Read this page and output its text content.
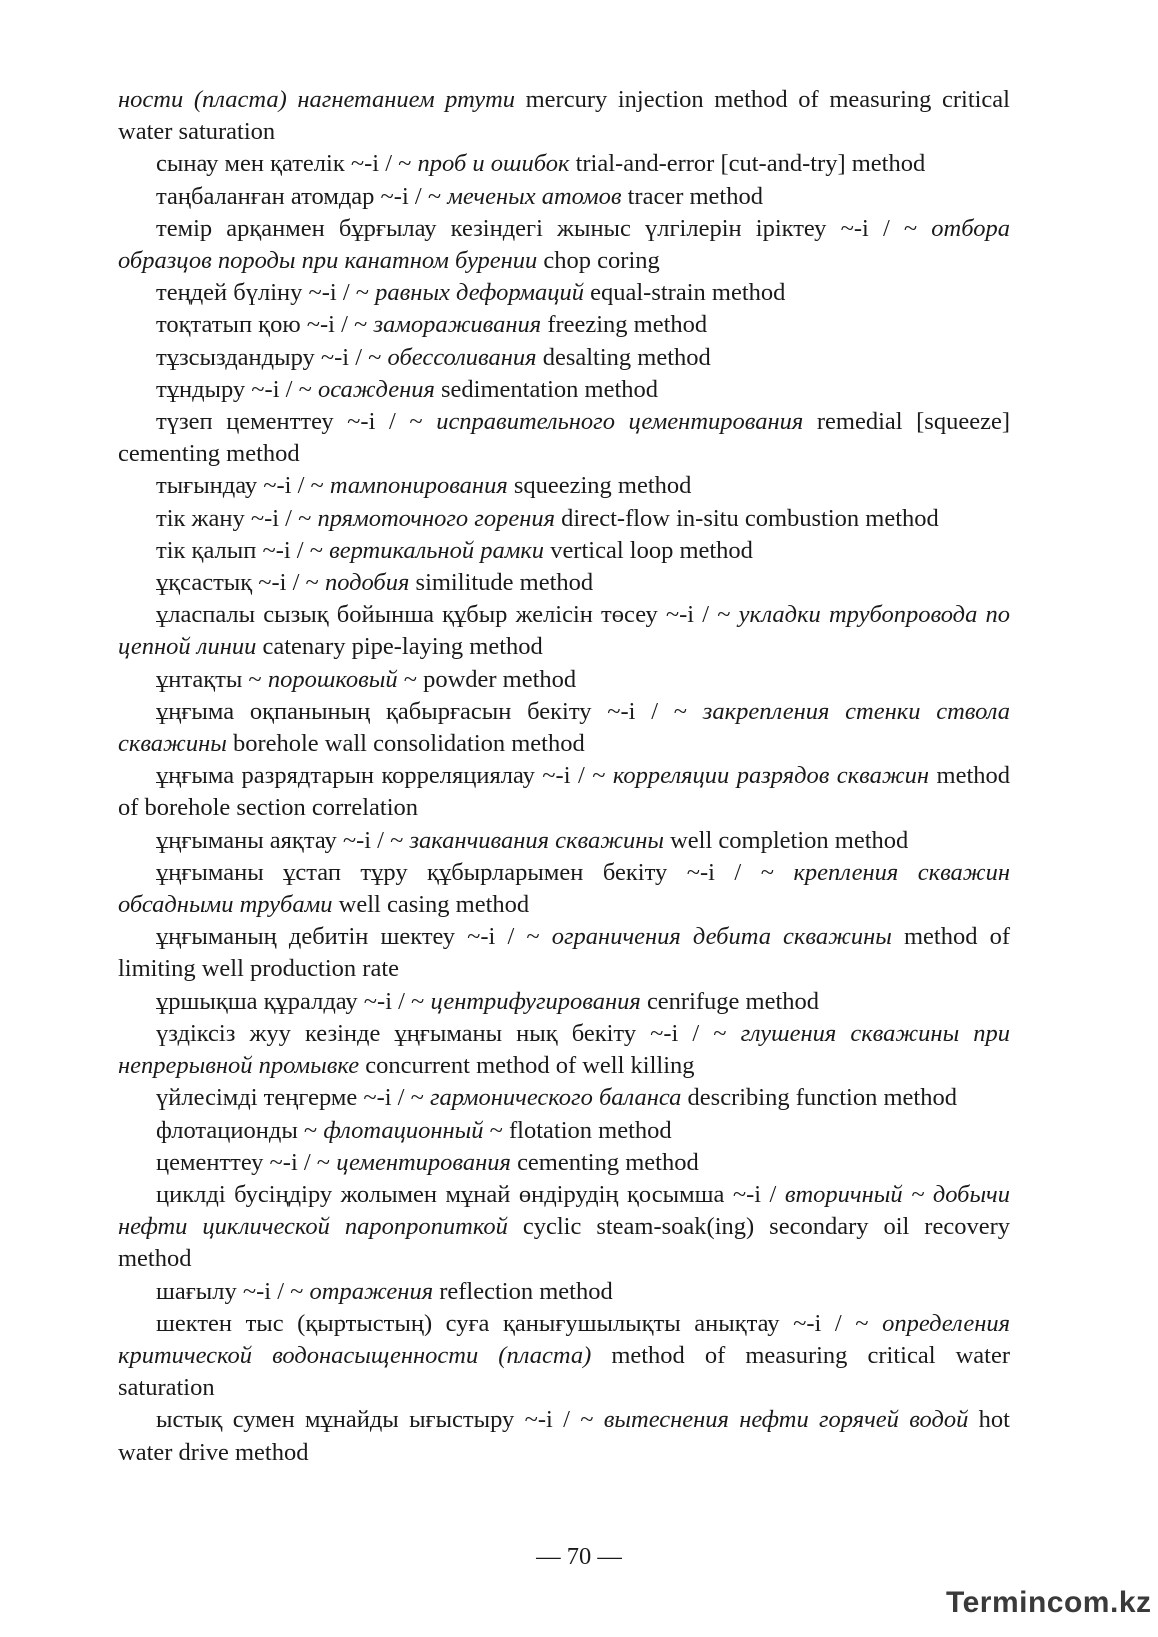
ности (пласта) нагнетанием ртути mercury injection method of measuring critical water saturation

сынау мен қателік ~-і / ~ проб и ошибок trial-and-error [cut-and-try] method

таңбаланған атомдар ~-і / ~ меченых атомов tracer method

темір арқанмен бұрғылау кезіндегі жыныс үлгілерін іріктеу ~-і / ~ отбора образцов породы при канатном бурении chop coring

теңдей бүліну ~-і / ~ равных деформаций equal-strain method

тоқтатып қою ~-і / ~ замораживания freezing method

тұзсыздандыру ~-і / ~ обессоливания desalting method

тұндыру ~-і / ~ осаждения sedimentation method

түзеп цементтеу ~-і / ~ исправительного цементирования remedial [squeeze] cementing method

тығындау ~-і / ~ тампонирования squeezing method

тік жану ~-і / ~ прямоточного горения direct-flow in-situ combustion method

тік қалып ~-і / ~ вертикальной рамки vertical loop method

ұқсастық ~-і / ~ подобия similitude method

ұласпалы сызық бойынша құбыр желісін төсеу ~-і / ~ укладки трубопровода по цепной линии catenary pipe-laying method

ұнтақты ~ порошковый ~ powder method

ұңғыма оқпанының қабырғасын бекіту ~-і / ~ закрепления стенки ствола скважины borehole wall consolidation method

ұңғыма разрядтарын корреляциялау ~-і / ~ корреляции разрядов скважин method of borehole section correlation

ұңғыманы аяқтау ~-і / ~ заканчивания скважины well completion method

ұңғыманы ұстап тұру құбырларымен бекіту ~-і / ~ крепления скважин обсадными трубами well casing method

ұңғыманың дебитін шектеу ~-і / ~ ограничения дебита скважины method of limiting well production rate

ұршықша құралдау ~-і / ~ центрифугирования cenrifuge method

үздіксіз жуу кезінде ұңғыманы нық бекіту ~-і / ~ глушения скважины при непрерывной промывке concurrent method of well killing

үйлесімді теңгерме ~-і / ~ гармонического баланса describing function method

флотационды ~ флотационный ~ flotation method

цементтеу ~-і / ~ цементирования cementing method

циклді бусіңдіру жолымен мұнай өндірудің қосымша ~-і / вторичный ~ добычи нефти циклической паропропиткой cyclic steam-soak(ing) secondary oil recovery method

шағылу ~-і / ~ отражения reflection method

шектен тыс (қыртыстың) суға қанығушылықты анықтау ~-і / ~ определения критической водонасыщенности (пласта) method of measuring critical water saturation

ыстық сумен мұнайды ығыстыру ~-і / ~ вытеснения нефти горячей водой hot water drive method

— 70 —
Termincom.kz
